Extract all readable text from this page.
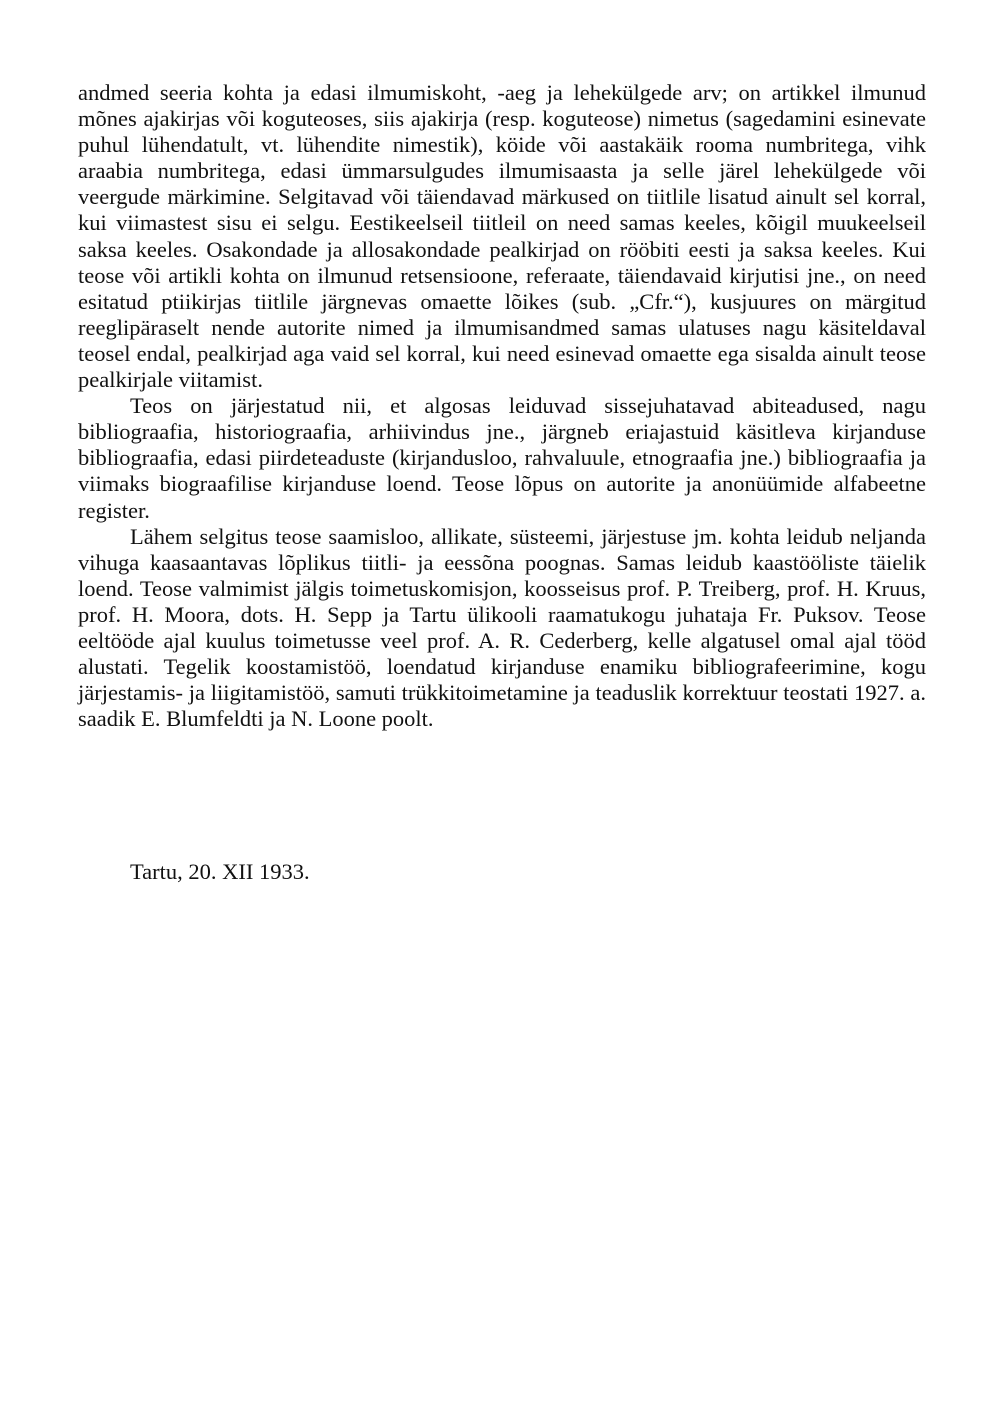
andmed seeria kohta ja edasi ilmumiskoht, -aeg ja lehekülgede arv; on artikkel ilmunud mõnes ajakirjas või koguteoses, siis ajakirja (resp. koguteose) nimetus (sagedamini esinevate puhul lühendatult, vt. lühendite nimestik), köide või aastakäik rooma numbritega, vihk araabia numbritega, edasi ümmarsulgudes ilmumisaasta ja selle järel lehekülgede või veergude märkimine. Selgitavad või täiendavad märkused on tiitlile lisatud ainult sel korral, kui viimastest sisu ei selgu. Eestikeelseil tiitleil on need samas keeles, kõigil muukeelseil saksa keeles. Osakondade ja allosakondade pealkirjad on rööbiti eesti ja saksa keeles. Kui teose või artikli kohta on ilmunud retsensioone, referaate, täiendavaid kirjutisi jne., on need esitatud ptiikirjas tiitlile järgnevas omaette lõikes (sub. „Cfr.“), kusjuures on märgitud reeglipäraselt nende autorite nimed ja ilmumisandmed samas ulatuses nagu käsiteldaval teosel endal, pealkirjad aga vaid sel korral, kui need esinevad omaette ega sisalda ainult teose pealkirjale viitamist.

Teos on järjestatud nii, et algosas leiduvad sissejuhatavad abiteadused, nagu bibliograafia, historiograafia, arhiivindus jne., järgneb eriajastuid käsitleva kirjanduse bibliograafia, edasi piirdeteaduste (kirjandusloo, rahvaluule, etnograafia jne.) bibliograafia ja viimaks biograafilise kirjanduse loend. Teose lõpus on autorite ja anonüümide alfabeetne register.

Lähem selgitus teose saamisloo, allikate, süsteemi, järjestuse jm. kohta leidub neljanda vihuga kaasaantavas lõplikus tiitli- ja eessõna poognas. Samas leidub kaastööliste täielik loend. Teose valmimist jälgis toimetuskomisjon, koosseisus prof. P. Treiberg, prof. H. Kruus, prof. H. Moora, dots. H. Sepp ja Tartu ülikooli raamatukogu juhataja Fr. Puksov. Teose eeltööde ajal kuulus toimetusse veel prof. A. R. Cederberg, kelle algatusel omal ajal tööd alustati. Tegelik koostamistöö, loendatud kirjanduse enamiku bibliografeerimine, kogu järjestamis- ja liigitamistöö, samuti trükkitoimetamine ja teaduslik korrektuur teostati 1927. a. saadik E. Blumfeldti ja N. Loone poolt.

Tartu, 20. XII 1933.
